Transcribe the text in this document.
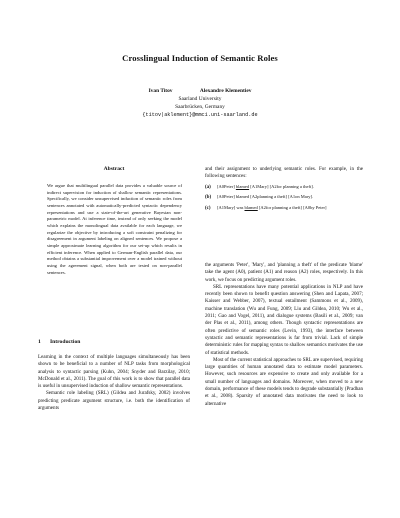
Crosslingual Induction of Semantic Roles
Ivan Titov	Alexandre Klementiev
Saarland University
Saarbrücken, Germany
{titov|aklement}@mmci.uni-saarland.de
Abstract
We argue that multilingual parallel data provides a valuable source of indirect supervision for induction of shallow semantic representations. Specifically, we consider unsupervised induction of semantic roles from sentences annotated with automatically-predicted syntactic dependency representations and use a state-of-the-art generative Bayesian non-parametric model. At inference time, instead of only seeking the model which explains the monolingual data available for each language, we regularize the objective by introducing a soft constraint penalizing for disagreement in argument labeling on aligned sentences. We propose a simple approximate learning algorithm for our set-up which results in efficient inference. When applied to German-English parallel data, our method obtains a substantial improvement over a model trained without using the agreement signal, when both are tested on non-parallel sentences.
1 Introduction

Learning in the context of multiple languages simultaneously has been shown to be beneficial to a number of NLP tasks from morphological analysis to syntactic parsing (Kuhn, 2004; Snyder and Barzilay, 2010; McDonald et al., 2011). The goal of this work is to show that parallel data is useful in unsupervised induction of shallow semantic representations.

Semantic role labeling (SRL) (Gildea and Jurafsky, 2002) involves predicting predicate argument structure, i.e. both the identification of arguments

and their assignment to underlying semantic roles. For example, in the following sentences:

(a) [A0Peter] blamed [A1Mary] [A2for planning a theft].
(b) [A0Peter] blamed [A2planning a theft] [A1on Mary].
(c) [A1Mary] was blamed [A2for planning a theft] [A0by Peter]

the arguments 'Peter', 'Mary', and 'planning a theft' of the predicate 'blame' take the agent (A0), patient (A1) and reason (A2) roles, respectively. In this work, we focus on predicting argument roles.

SRL representations have many potential applications in NLP and have recently been shown to benefit question answering (Shen and Lapata, 2007; Kaisser and Webber, 2007), textual entailment (Sammons et al., 2009), machine translation (Wu and Fung, 2009; Liu and Gildea, 2010; Wu et al., 2011; Gao and Vogel, 2011), and dialogue systems (Basili et al., 2009; van der Plas et al., 2011), among others. Though syntactic representations are often predictive of semantic roles (Levin, 1993), the interface between syntactic and semantic representations is far from trivial. Lack of simple deterministic rules for mapping syntax to shallow semantics motivates the use of statistical methods.

Most of the current statistical approaches to SRL are supervised, requiring large quantities of human annotated data to estimate model parameters. However, such resources are expensive to create and only available for a small number of languages and domains. Moreover, when moved to a new domain, performance of these models tends to degrade substantially (Pradhan et al., 2008). Sparsity of annotated data motivates the need to look to alternative
